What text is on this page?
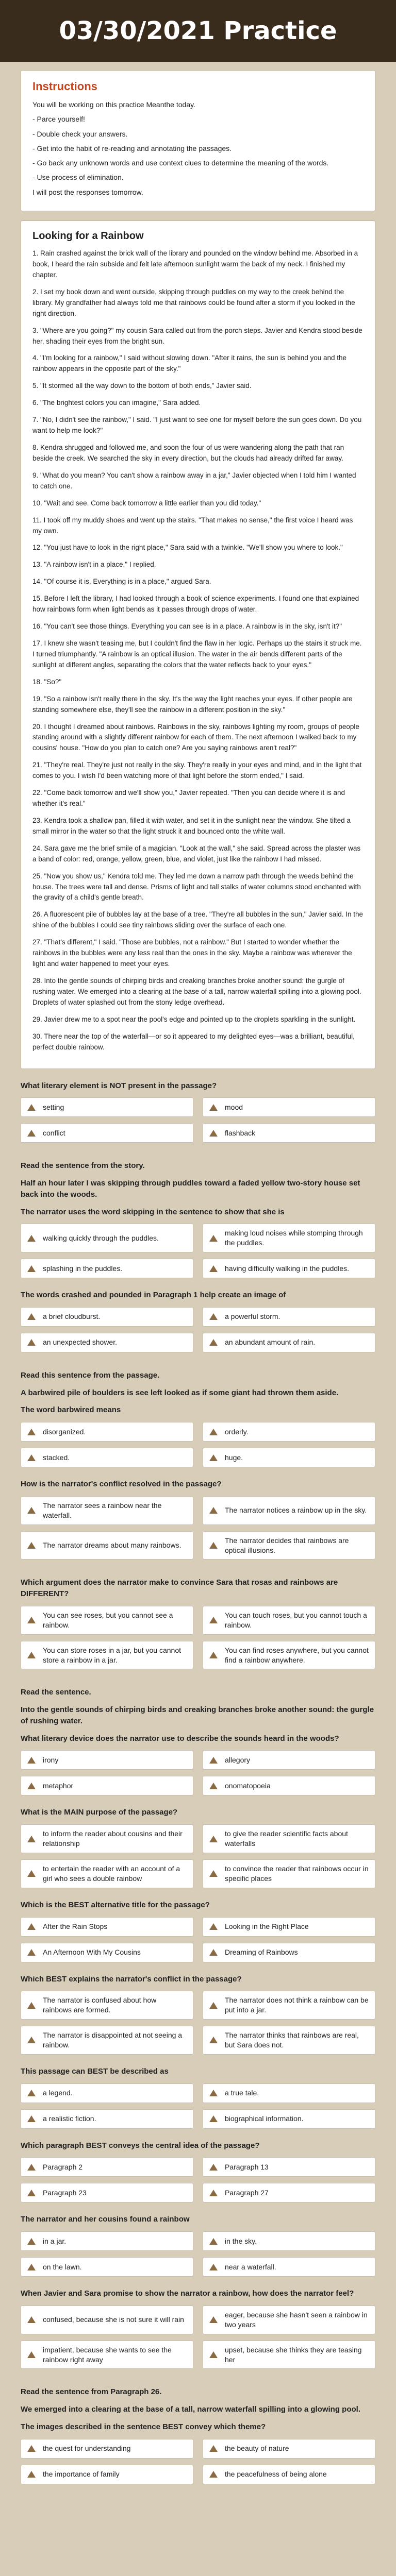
03/30/2021 Practice
Instructions

You will be working on this practice Meanthe today.

- Parce yourself!

- Double check your answers.

- Get into the habit of re-reading and annotating the passages.

- Go back any unknown words and use context clues to determine the meaning of the words.

- Use process of elimination.

I will post the responses tomorrow.

Looking for a Rainbow

1. Rain crashed against the brick wall of the library and pounded on the window behind me. Absorbed in a book, I heard the rain subside and felt late afternoon sunlight warm the back of my neck. I finished my chapter.

2. I set my book down and went outside, skipping through puddles on my way to the creek behind the library. My grandfather had always told me that rainbows could be found after a storm if you looked in the right direction.

3. "Where are you going?" my cousin Sara called out from the porch steps. Javier and Kendra stood beside her, shading their eyes from the bright sun.

4. "I'm looking for a rainbow," I said without slowing down. "After it rains, the sun is behind you and the rainbow appears in the opposite part of the sky."

5. "It stormed all the way down to the bottom of both ends," Javier said.

6. "The brightest colors you can imagine," Sara added.

7. "No, I didn't see the rainbow," I said. "I just want to see one for myself before the sun goes down. Do you want to help me look?"

8. Kendra shrugged and followed me, and soon the four of us were wandering along the path that ran beside the creek. We searched the sky in every direction, but the clouds had already drifted far away.

9. "What do you mean? You can't show a rainbow away in a jar," Javier objected when I told him I wanted to catch one.

10. "Wait and see. Come back tomorrow a little earlier than you did today."

11. I took off my muddy shoes and went up the stairs. "That makes no sense," the first voice I heard was my own.

12. "You just have to look in the right place," Sara said with a twinkle. "We'll show you where to look."

13. "A rainbow isn't in a place," I replied.

14. "Of course it is. Everything is in a place," argued Sara.

15. Before I left the library, I had looked through a book of science experiments. I found one that explained how rainbows form when light bends as it passes through drops of water.

16. "You can't see those things. Everything you can see is in a place. A rainbow is in the sky, isn't it?"

17. I knew she wasn't teasing me, but I couldn't find the flaw in her logic. Perhaps up the stairs it struck me. I turned triumphantly. "A rainbow is an optical illusion. The water in the air bends different parts of the sunlight at different angles, separating the colors that the water reflects back to your eyes."

18. "So?"

19. "So a rainbow isn't really there in the sky. It's the way the light reaches your eyes. If other people are standing somewhere else, they'll see the rainbow in a different position in the sky."

20. I thought I dreamed about rainbows. Rainbows in the sky, rainbows lighting my room, groups of people standing around with a slightly different rainbow for each of them. The next afternoon I walked back to my cousins' house. "How do you plan to catch one? Are you saying rainbows aren't real?"

21. "They're real. They're just not really in the sky. They're really in your eyes and mind, and in the light that comes to you. I wish I'd been watching more of that light before the storm ended," I said.

22. "Come back tomorrow and we'll show you," Javier repeated. "Then you can decide where it is and whether it's real."

23. Kendra took a shallow pan, filled it with water, and set it in the sunlight near the window. She tilted a small mirror in the water so that the light struck it and bounced onto the white wall.

24. Sara gave me the brief smile of a magician. "Look at the wall," she said. Spread across the plaster was a band of color: red, orange, yellow, green, blue, and violet, just like the rainbow I had missed.

25. "Now you show us," Kendra told me. They led me down a narrow path through the weeds behind the house. The trees were tall and dense. Prisms of light and tall stalks of water columns stood enchanted with the gravity of a child's gentle breath.

26. A fluorescent pile of bubbles lay at the base of a tree. "They're all bubbles in the sun," Javier said. In the shine of the bubbles I could see tiny rainbows sliding over the surface of each one.

27. "That's different," I said. "Those are bubbles, not a rainbow." But I started to wonder whether the rainbows in the bubbles were any less real than the ones in the sky. Maybe a rainbow was wherever the light and water happened to meet your eyes.

28. Into the gentle sounds of chirping birds and creaking branches broke another sound: the gurgle of rushing water. We emerged into a clearing at the base of a tall, narrow waterfall spilling into a glowing pool. Droplets of water splashed out from the stony ledge overhead.

29. Javier drew me to a spot near the pool's edge and pointed up to the droplets sparkling in the sunlight.

30. There near the top of the waterfall—or so it appeared to my delighted eyes—was a brilliant, beautiful, perfect double rainbow.

What literary element is NOT present in the passage?
setting	mood
conflict	flashback
Read the sentence from the story.
Half an hour later I was skipping through puddles toward a faded yellow two-story house set back into the woods.
The narrator uses the word skipping in the sentence to show that she is
walking quickly through the puddles.
making loud noises while stomping through the puddles.
splashing in the puddles.	having difficulty walking in the puddles.
The words crashed and pounded in Paragraph 1 help create an image of
a brief cloudburst.	a powerful storm.
an unexpected shower.	an abundant amount of rain.
Read this sentence from the passage.
A barbwired pile of boulders is see left looked as if some giant had thrown them aside.
The word barbwired means
disorganized.	orderly.
stacked.	huge.
How is the narrator's conflict resolved in the passage?
The narrator sees a rainbow near the waterfall.
The narrator notices a rainbow up in the sky.
The narrator dreams about many rainbows.
The narrator decides that rainbows are optical illusions.
Which argument does the narrator make to convince Sara that rosas and rainbows are DIFFERENT?
You can see roses, but you cannot see a rainbow.
You can touch roses, but you cannot touch a rainbow.
You can store roses in a jar, but you cannot store a rainbow in a jar.
You can find roses anywhere, but you cannot find a rainbow anywhere.
Read the sentence.
Into the gentle sounds of chirping birds and creaking branches broke another sound: the gurgle of rushing water.
What literary device does the narrator use to describe the sounds heard in the woods?
irony	allegory
metaphor	onomatopoeia
What is the MAIN purpose of the passage?
to inform the reader about cousins and their relationship
to give the reader scientific facts about waterfalls
to entertain the reader with an account of a girl who sees a double rainbow
to convince the reader that rainbows occur in specific places
Which is the BEST alternative title for the passage?
After the Rain Stops	Looking in the Right Place
An Afternoon With My Cousins	Dreaming of Rainbows
Which BEST explains the narrator's conflict in the passage?
The narrator is confused about how rainbows are formed.
The narrator does not think a rainbow can be put into a jar.
The narrator is disappointed at not seeing a rainbow.
The narrator thinks that rainbows are real, but Sara does not.
This passage can BEST be described as
a legend.	a true tale.
a realistic fiction.	biographical information.
Which paragraph BEST conveys the central idea of the passage?
Paragraph 2	Paragraph 13
Paragraph 23	Paragraph 27
The narrator and her cousins found a rainbow
in a jar.	in the sky.
on the lawn.	near a waterfall.
When Javier and Sara promise to show the narrator a rainbow, how does the narrator feel?
confused, because she is not sure it will rain
eager, because she hasn't seen a rainbow in two years
impatient, because she wants to see the rainbow right away
upset, because she thinks they are teasing her
Read the sentence from Paragraph 26.
We emerged into a clearing at the base of a tall, narrow waterfall spilling into a glowing pool.
The images described in the sentence BEST convey which theme?
the quest for understanding	the beauty of nature
the importance of family	the peacefulness of being alone
